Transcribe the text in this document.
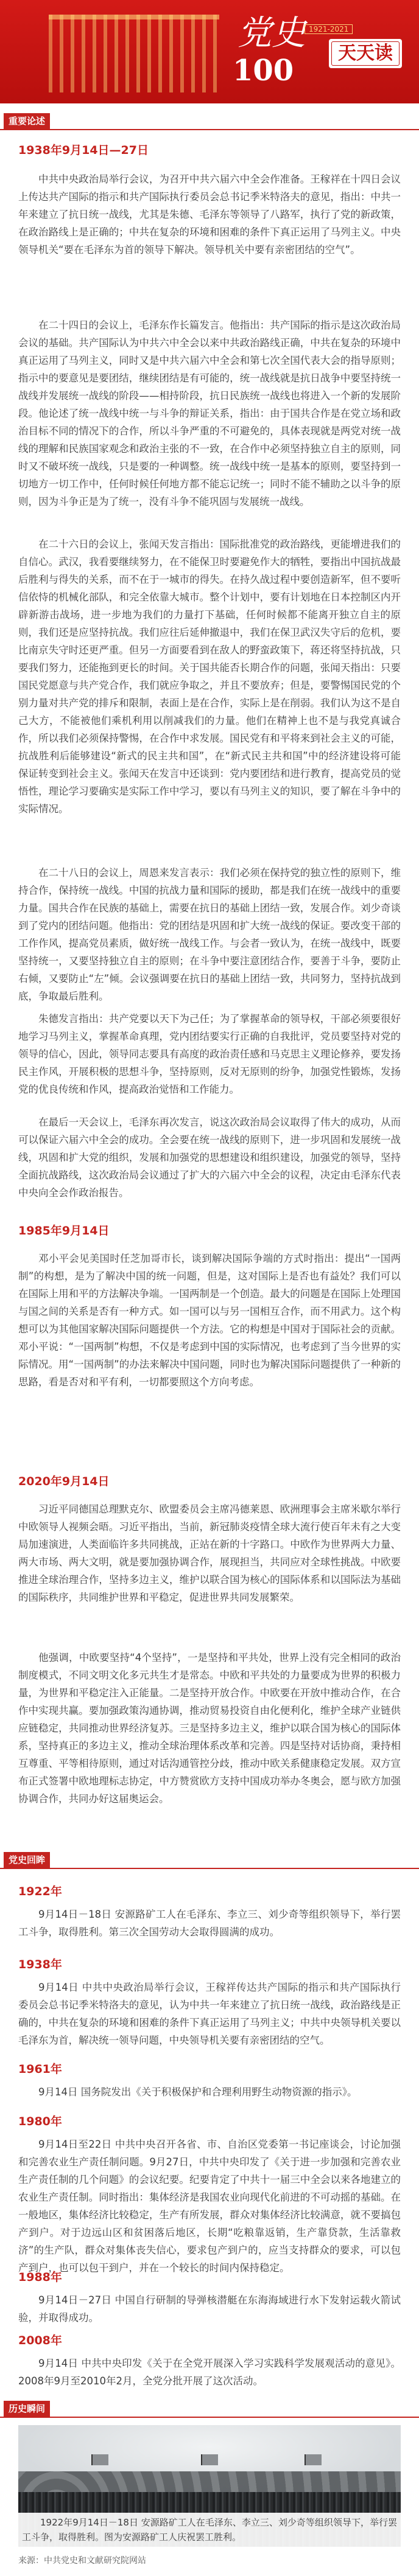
党史
100
1921-2021
天天读
重要论述
1938年9月14日—27日
中共中央政治局举行会议，为召开中共六届六中全会作准备。王稼祥在十四日会议上传达共产国际的指示和共产国际执行委员会总书记季米特洛夫的意见，指出：中共一年来建立了抗日统一战线，尤其是朱德、毛泽东等领导了八路军，执行了党的新政策，在政治路线上是正确的；中共在复杂的环境和困难的条件下真正运用了马列主义。中央领导机关“要在毛泽东为首的领导下解决。领导机关中要有亲密团结的空气”。
在二十四日的会议上，毛泽东作长篇发言。他指出：共产国际的指示是这次政治局会议的基础。共产国际认为中共六中全会以来中共政治路线正确，中共在复杂的环境中真正运用了马列主义，同时又是中共六届六中全会和第七次全国代表大会的指导原则；指示中的要意见是要团结，继续团结是有可能的，统一战线就是抗日战争中要坚持统一战线并发展统一战线的阶段——相持阶段，抗日民族统一战线也将进入一个新的发展阶段。他论述了统一战线中统一与斗争的辩证关系，指出：由于国共合作是在党立场和政治目标不同的情况下的合作，所以斗争严重的不可避免的，具体表现就是两党对统一战线的理解和民族国家观念和政治主张的不一致，在合作中必须坚持独立自主的原则，同时又不破坏统一战线，只是要的一种调整。统一战线中统一是基本的原则，要坚持到一切地方一切工作中，任何时候任何地方都不能忘记统一；同时不能不辅助之以斗争的原则，因为斗争正是为了统一，没有斗争不能巩固与发展统一战线。
在二十六日的会议上，张闻天发言指出：国际批准党的政治路线，更能增进我们的自信心。武汉，我看要继续努力，在不能保卫时要避免作大的牺牲，要指出中国抗战最后胜利与得失的关系，而不在于一城市的得失。在持久战过程中要创造新军，但不要听信依恃的机械化部队，和完全依靠大城市。整个计划中，要有计划地在日本控制区内开辟新游击战场，进一步地为我们的力量打下基础，任何时候都不能离开独立自主的原则，我们还是应坚持抗战。我们应往后延伸撤退中，我们在保卫武汉失守后的危机，要比南京失守时还更严重。但另一方面要看到在敌人的野蛮政策下，蒋还将坚持抗战，只要我们努力，还能拖到更长的时间。关于国共能否长期合作的问题，张闻天指出：只要国民党愿意与共产党合作，我们就应争取之，并且不要放弃；但是，要警惕国民党的个别力量对共产党的排斥和限制，表面上是在合作，实际上是在削弱。我们认为这不是自己大方，不能被他们乘机利用以削减我们的力量。他们在精神上也不是与我党真诚合作，所以我们必须保持警惕，在合作中求发展。国民党有和平将来到社会主义的可能，抗战胜利后能够建设“新式的民主共和国”，在“新式民主共和国”中的经济建设将可能保证转变到社会主义。张闻天在发言中还谈到：党内要团结和进行教育，提高党员的觉悟性，理论学习要确实是实际工作中学习，要以有马列主义的知识，要了解在斗争中的实际情况。
在二十八日的会议上，周恩来发言表示：我们必须在保持党的独立性的原则下，维持合作，保持统一战线。中国的抗战力量和国际的援助，都是我们在统一战线中的重要力量。国共合作在民族的基础上，需要在抗日的基础上团结一致，发展合作。刘少奇谈到了党内的团结问题。他指出：党的团结是巩固和扩大统一战线的保证。要改变干部的工作作风，提高党员素质，做好统一战线工作。与会者一致认为，在统一战线中，既要坚持统一，又要坚持独立自主的原则；在斗争中要注意团结合作，要善于斗争，要防止右倾，又要防止“左”倾。会议强调要在抗日的基础上团结一致，共同努力，坚持抗战到底，争取最后胜利。
朱德发言指出：共产党要以天下为己任；为了掌握革命的领导权，干部必须要很好地学习马列主义，掌握革命真理，党内团结要实行正确的自我批评，党员要坚持对党的领导的信心，因此，领导同志要具有高度的政治责任感和马克思主义理论修养，要发扬民主作风，开展积极的思想斗争，坚持原则，反对无原则的纷争，加强党性锻炼，发扬党的优良传统和作风，提高政治觉悟和工作能力。
在最后一天会议上，毛泽东再次发言，说这次政治局会议取得了伟大的成功，从而可以保证六届六中全会的成功。全会要在统一战线的原则下，进一步巩固和发展统一战线，巩固和扩大党的组织，发展和加强党的思想建设和组织建设，加强党的领导，坚持全面抗战路线，这次政治局会议通过了扩大的六届六中全会的议程，决定由毛泽东代表中央向全会作政治报告。
1985年9月14日
邓小平会见美国时任芝加哥市长，谈到解决国际争端的方式时指出：提出“一国两制”的构想，是为了解决中国的统一问题，但是，这对国际上是否也有益处？我们可以在国际上用和平的方法解决争端。一国两制是一个创造。最大的问题是在国际上处理国与国之间的关系是否有一种方式。如一国可以与另一国相互合作，而不用武力。这个构想可以为其他国家解决国际问题提供一个方法。它的构想是中国对于国际社会的贡献。邓小平说：“一国两制”构想，不仅是考虑到中国的实际情况，也考虑到了当今世界的实际情况。用“一国两制”的办法来解决中国问题，同时也为解决国际问题提供了一种新的思路，看是否对和平有利，一切都要照这个方向考虑。
2020年9月14日
习近平同德国总理默克尔、欧盟委员会主席冯德莱恩、欧洲理事会主席米歇尔举行中欧领导人视频会晤。习近平指出，当前，新冠肺炎疫情全球大流行使百年未有之大变局加速演进，人类面临许多共同挑战，正站在新的十字路口。中欧作为世界两大力量、两大市场、两大文明，就是要加强协调合作，展现担当，共同应对全球性挑战。中欧要推进全球治理合作，坚持多边主义，维护以联合国为核心的国际体系和以国际法为基础的国际秩序，共同维护世界和平稳定，促进世界共同发展繁荣。
他强调，中欧要坚持“4个坚持”，一是坚持和平共处，世界上没有完全相同的政治制度模式，不同文明文化多元共生才是常态。中欧和平共处的力量要成为世界的积极力量，为世界和平稳定注入正能量。二是坚持开放合作。中欧要在开放中推动合作，在合作中实现共赢。要加强政策沟通协调，推动贸易投资自由化便利化，维护全球产业链供应链稳定，共同推动世界经济复苏。三是坚持多边主义，维护以联合国为核心的国际体系，坚持真正的多边主义，推动全球治理体系改革和完善。四是坚持对话协商，秉持相互尊重、平等相待原则，通过对话沟通管控分歧，推动中欧关系健康稳定发展。双方宣布正式签署中欧地理标志协定，中方赞赏欧方支持中国成功举办冬奥会，愿与欧方加强协调合作，共同办好这届奥运会。
党史回眸
1922年
9月14日－18日 安源路矿工人在毛泽东、李立三、刘少奇等组织领导下，举行罢工斗争，取得胜利。第三次全国劳动大会取得圆满的成功。
1938年
9月14日 中共中央政治局举行会议，王稼祥传达共产国际的指示和共产国际执行委员会总书记季米特洛夫的意见，认为中共一年来建立了抗日统一战线，政治路线是正确的，中共在复杂的环境和困难的条件下真正运用了马列主义；中共中央领导机关要以毛泽东为首，解决统一领导问题，中央领导机关要有亲密团结的空气。
1961年
9月14日 国务院发出《关于积极保护和合理利用野生动物资源的指示》。
1980年
9月14日至22日 中共中央召开各省、市、自治区党委第一书记座谈会，讨论加强和完善农业生产责任制问题。9月27日，中共中央印发了《关于进一步加强和完善农业生产责任制的几个问题》的会议纪要。纪要肯定了中共十一届三中全会以来各地建立的农业生产责任制。同时指出：集体经济是我国农业向现代化前进的不可动摇的基础。在一般地区，集体经济比较稳定，生产有所发展，群众对集体经济比较满意，就不要搞包产到户。对于边远山区和贫困落后地区，长期“吃粮靠返销，生产靠贷款，生活靠救济”的生产队，群众对集体丧失信心，要求包产到户的，应当支持群众的要求，可以包产到户，也可以包干到户，并在一个较长的时间内保持稳定。
1988年
9月14日－27日 中国自行研制的导弹核潜艇在东海海域进行水下发射运载火箭试验，并取得成功。
2008年
9月14日 中共中央印发《关于在全党开展深入学习实践科学发展观活动的意见》。2008年9月至2010年2月，全党分批开展了这次活动。
历史瞬间
1922年9月14日－18日 安源路矿工人在毛泽东、李立三、刘少奇等组织领导下，举行罢工斗争，取得胜利。图为安源路矿工人庆祝罢工胜利。
来源：中共党史和文献研究院网站
